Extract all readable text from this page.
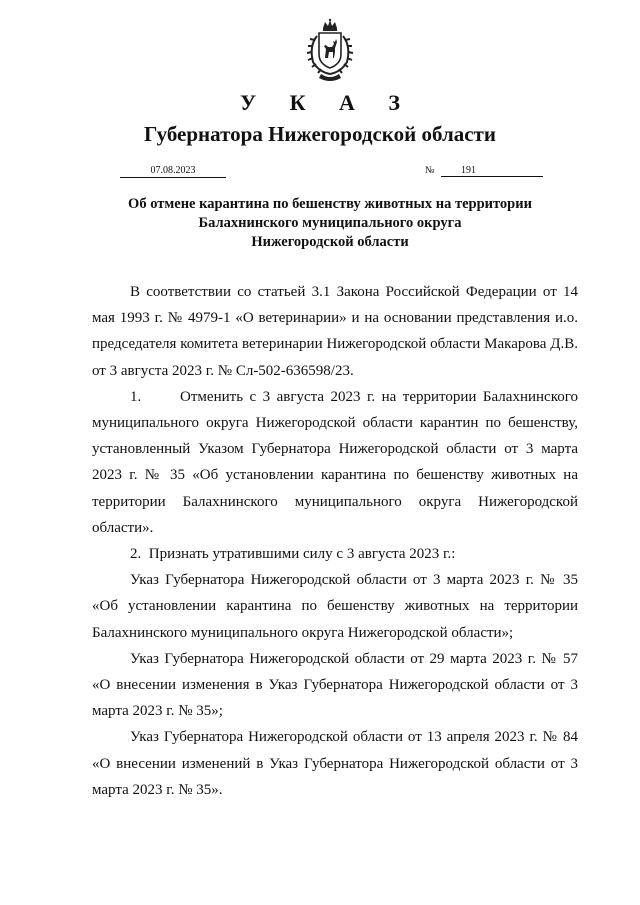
У К А З
Губернатора Нижегородской области
07.08.2023	№	191
Об отмене карантина по бешенству животных на территории
Балахнинского муниципального округа
Нижегородской области

В соответствии со статьей 3.1 Закона Российской Федерации от 14 мая 1993 г. № 4979-1 «О ветеринарии» и на основании представления и.о. председателя комитета ветеринарии Нижегородской области Макарова Д.В. от 3 августа 2023 г. № Сл-502-636598/23.

1.      Отменить с 3 августа 2023 г. на территории Балахнинского муниципального округа Нижегородской области карантин по бешенству, установленный Указом Губернатора Нижегородской области от 3 марта 2023 г. № 35 «Об установлении карантина по бешенству животных на территории Балахнинского муниципального округа Нижегородской области».

2.  Признать утратившими силу с 3 августа 2023 г.:

Указ Губернатора Нижегородской области от 3 марта 2023 г. № 35 «Об установлении карантина по бешенству животных на территории Балахнинского муниципального округа Нижегородской области»;

Указ Губернатора Нижегородской области от 29 марта 2023 г. № 57 «О внесении изменения в Указ Губернатора Нижегородской области от 3 марта 2023 г. № 35»;

Указ Губернатора Нижегородской области от 13 апреля 2023 г. № 84 «О внесении изменений в Указ Губернатора Нижегородской области от 3 марта 2023 г. № 35».
